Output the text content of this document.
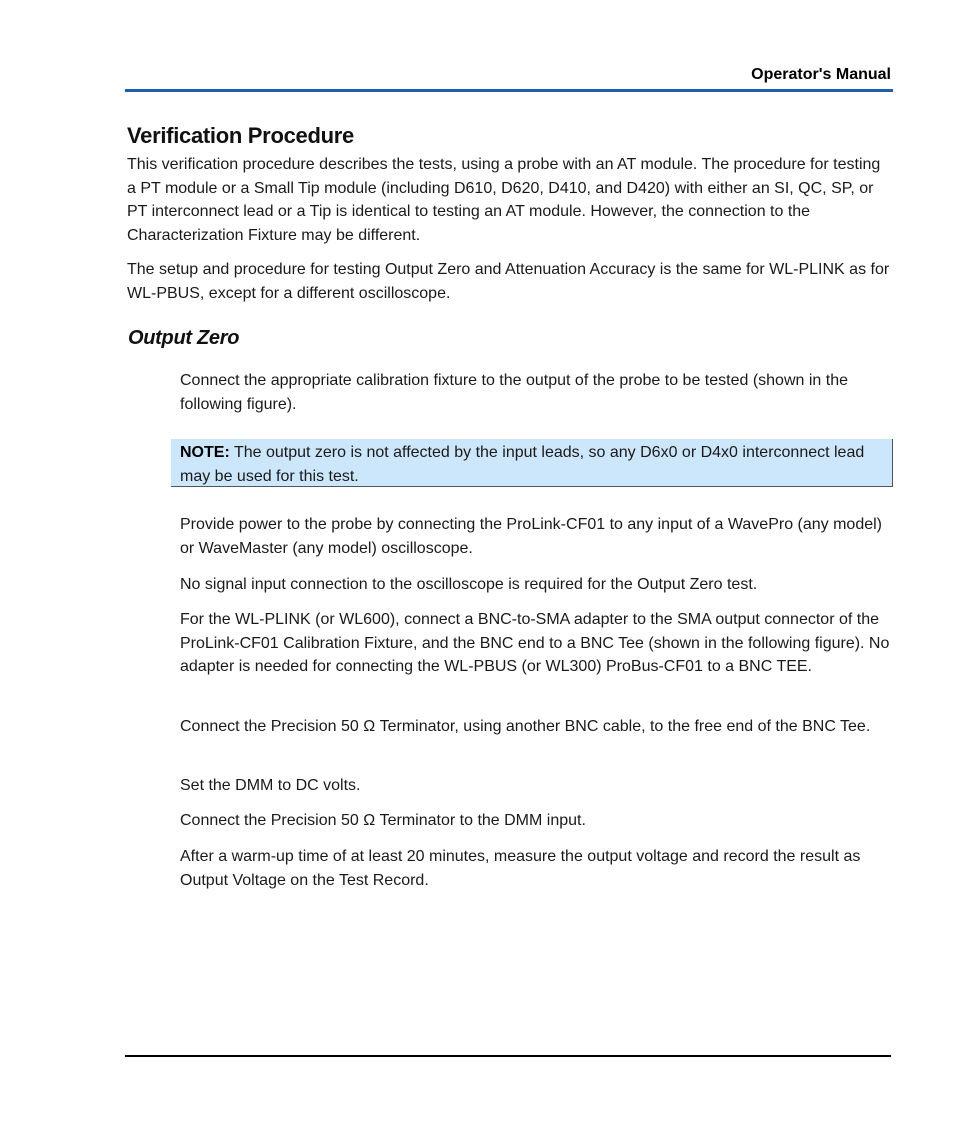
Operator's Manual
Verification Procedure

This verification procedure describes the tests, using a probe with an AT module. The procedure for testing a PT module or a Small Tip module (including D610, D620, D410, and D420) with either an SI, QC, SP, or PT interconnect lead or a Tip is identical to testing an AT module. However, the connection to the Characterization Fixture may be different.

The setup and procedure for testing Output Zero and Attenuation Accuracy is the same for WL-PLINK as for WL-PBUS, except for a different oscilloscope.

Output Zero

Connect the appropriate calibration fixture to the output of the probe to be tested (shown in the following figure).

NOTE: The output zero is not affected by the input leads, so any D6x0 or D4x0 interconnect lead may be used for this test.

Provide power to the probe by connecting the ProLink-CF01 to any input of a WavePro (any model) or WaveMaster (any model) oscilloscope.

No signal input connection to the oscilloscope is required for the Output Zero test.

For the WL-PLINK (or WL600), connect a BNC-to-SMA adapter to the SMA output connector of the ProLink-CF01 Calibration Fixture, and the BNC end to a BNC Tee (shown in the following figure). No adapter is needed for connecting the WL-PBUS (or WL300) ProBus-CF01 to a BNC TEE.

Connect the Precision 50 Ω Terminator, using another BNC cable, to the free end of the BNC Tee.

Set the DMM to DC volts.

Connect the Precision 50 Ω Terminator to the DMM input.

After a warm-up time of at least 20 minutes, measure the output voltage and record the result as Output Voltage on the Test Record.
